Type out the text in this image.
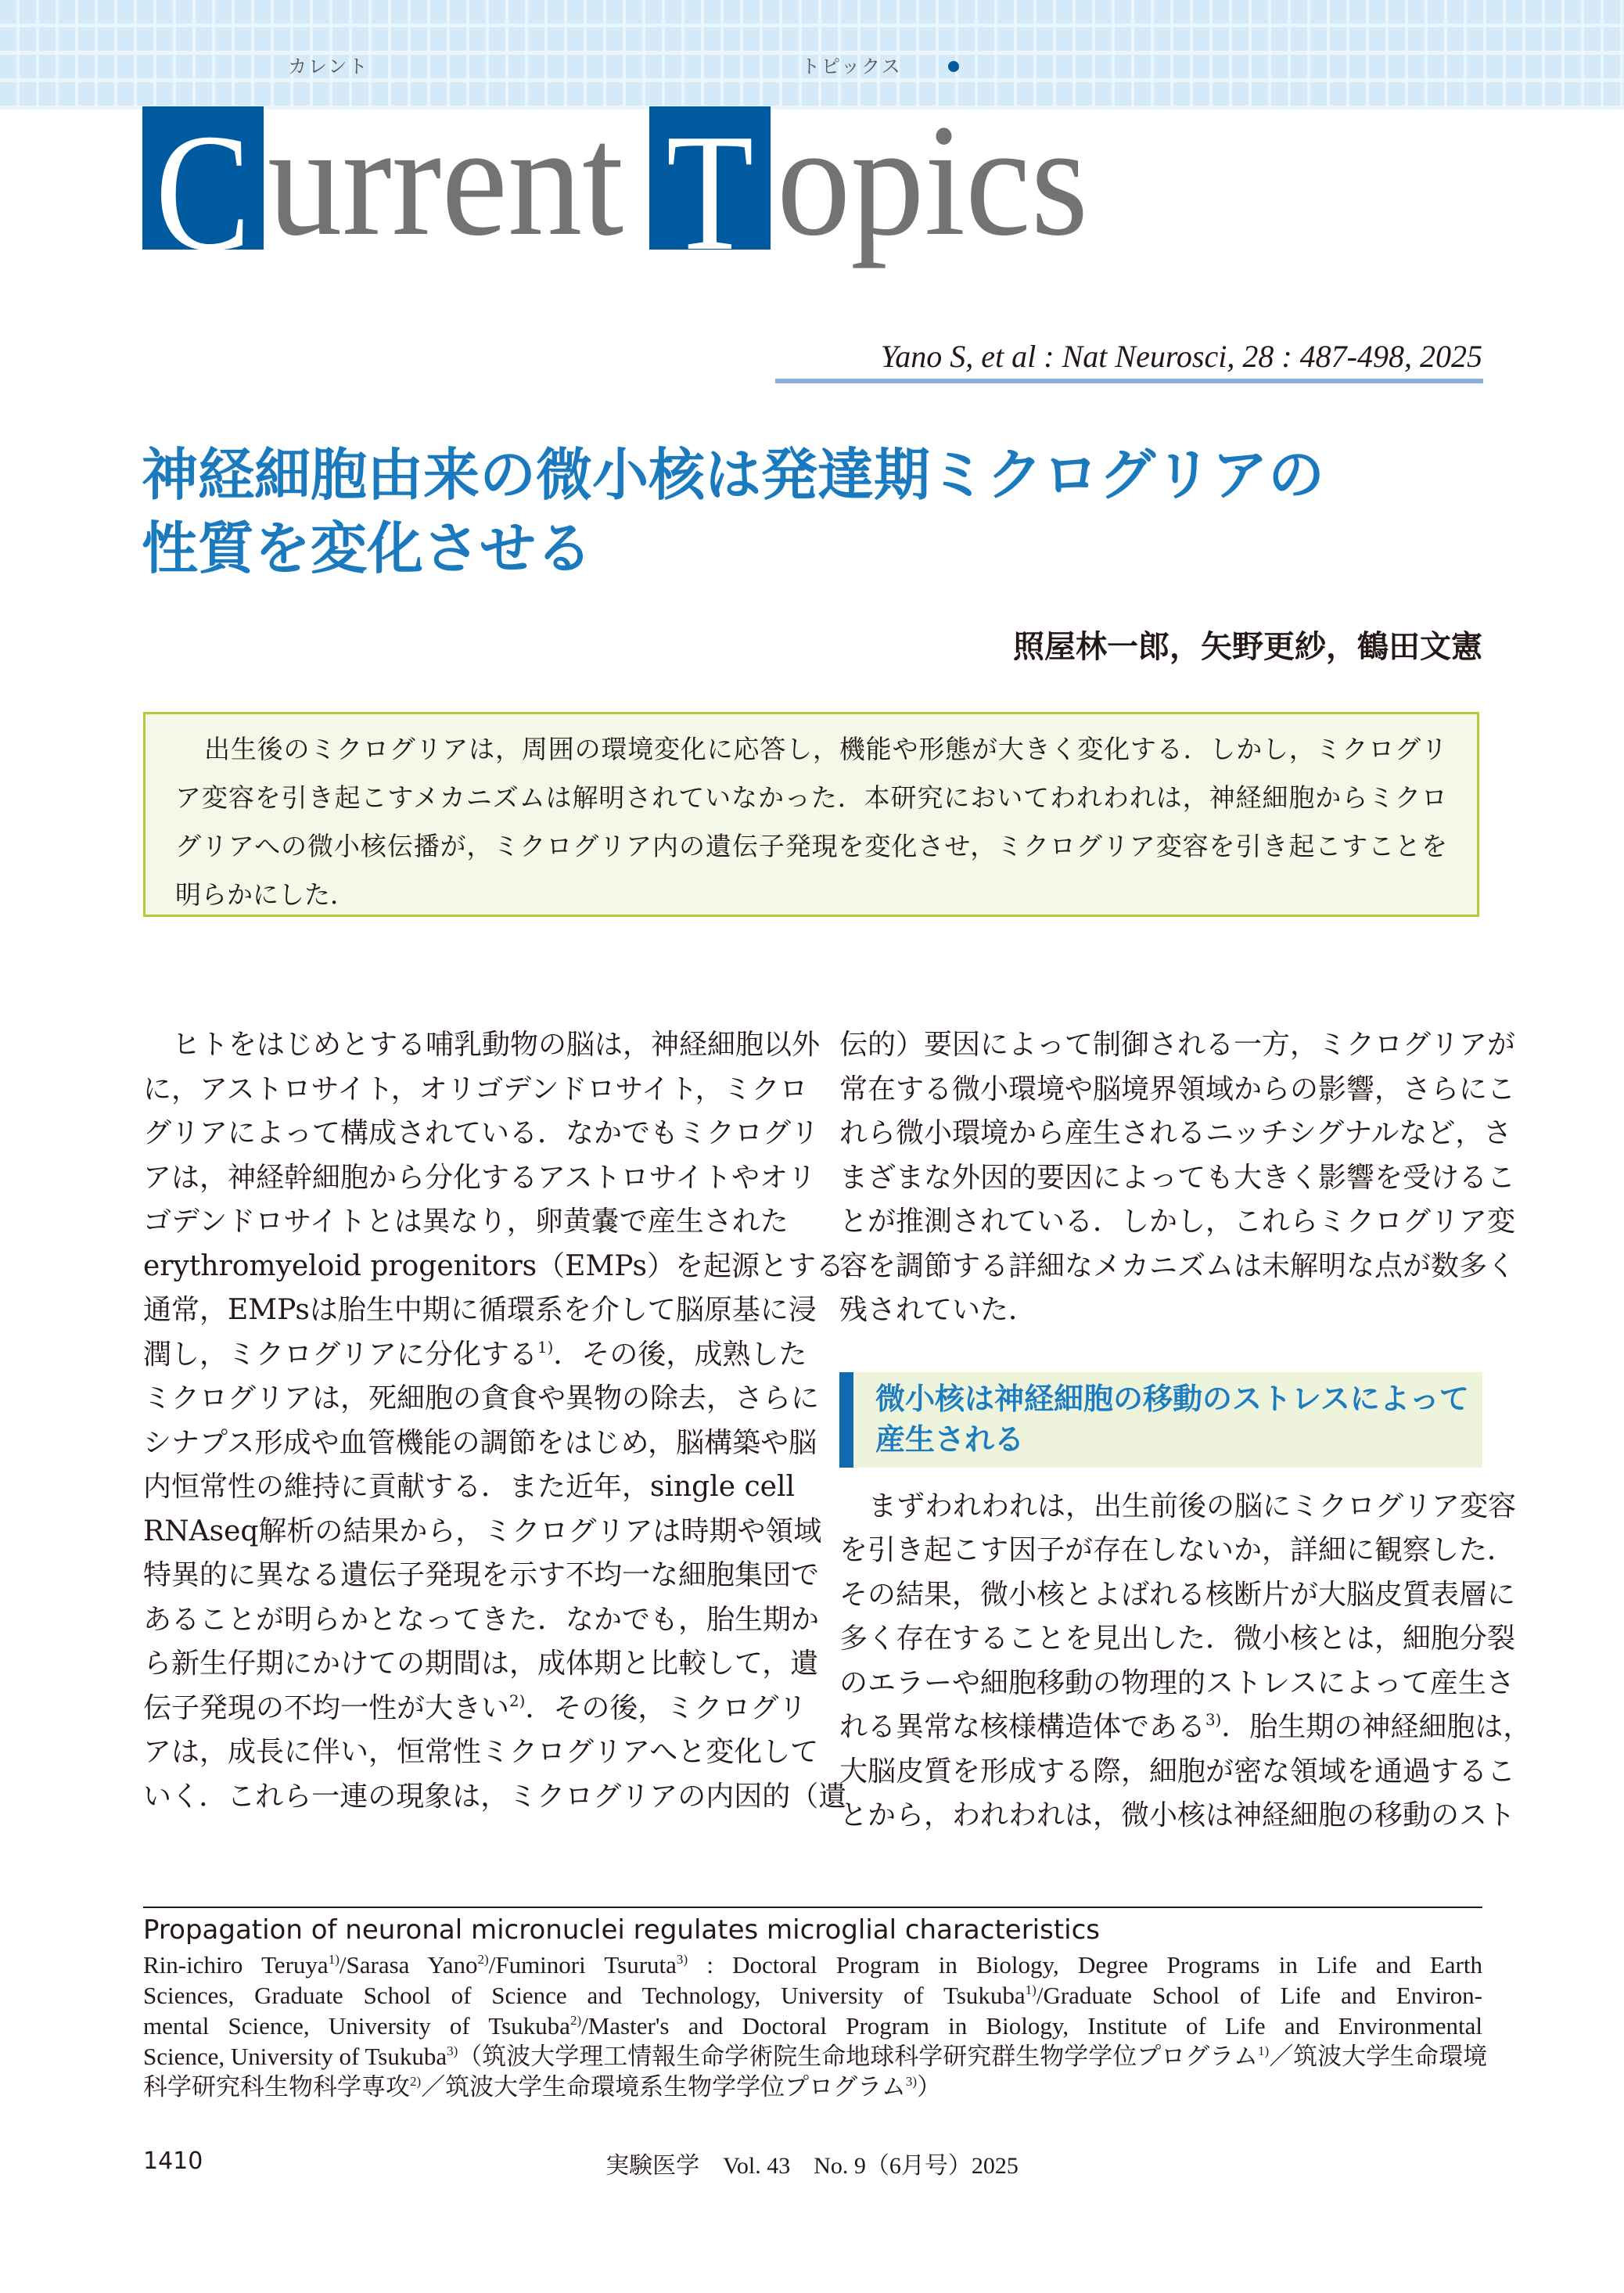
C urrent
カレント
T opics
トピックス
Yano S, et al : Nat Neurosci, 28 : 487-498, 2025
神経細胞由来の微小核は発達期ミクログリアの
性質を変化させる
照屋林一郎，矢野更紗，鶴田文憲
出生後のミクログリアは，周囲の環境変化に応答し，機能や形態が大きく変化する．しかし，ミクログリ
ア変容を引き起こすメカニズムは解明されていなかった．本研究においてわれわれは，神経細胞からミクロ
グリアへの微小核伝播が，ミクログリア内の遺伝子発現を変化させ，ミクログリア変容を引き起こすことを
明らかにした．
ヒトをはじめとする哺乳動物の脳は，神経細胞以外
に，アストロサイト，オリゴデンドロサイト，ミクロ
グリアによって構成されている．なかでもミクログリ
アは，神経幹細胞から分化するアストロサイトやオリ
ゴデンドロサイトとは異なり，卵黄嚢で産生された
erythromyeloid progenitors（EMPs）を起源とする．
通常，EMPsは胎生中期に循環系を介して脳原基に浸
潤し，ミクログリアに分化する$^{1)}$．その後，成熟した
ミクログリアは，死細胞の貪食や異物の除去，さらに
シナプス形成や血管機能の調節をはじめ，脳構築や脳
内恒常性の維持に貢献する．また近年，single cell
RNAseq解析の結果から，ミクログリアは時期や領域
特異的に異なる遺伝子発現を示す不均一な細胞集団で
あることが明らかとなってきた．なかでも，胎生期か
ら新生仔期にかけての期間は，成体期と比較して，遺
伝子発現の不均一性が大きい$^{2)}$．その後，ミクログリ
アは，成長に伴い，恒常性ミクログリアへと変化して
いく．これら一連の現象は，ミクログリアの内因的（遺
伝的）要因によって制御される一方，ミクログリアが
常在する微小環境や脳境界領域からの影響，さらにこ
れら微小環境から産生されるニッチシグナルなど，さ
まざまな外因的要因によっても大きく影響を受けるこ
とが推測されている．しかし，これらミクログリア変
容を調節する詳細なメカニズムは未解明な点が数多く
残されていた．
微小核は神経細胞の移動のストレスによって
産生される
まずわれわれは，出生前後の脳にミクログリア変容
を引き起こす因子が存在しないか，詳細に観察した．
その結果，微小核とよばれる核断片が大脳皮質表層に
多く存在することを見出した．微小核とは，細胞分裂
のエラーや細胞移動の物理的ストレスによって産生さ
れる異常な核様構造体である$^{3)}$．胎生期の神経細胞は，
大脳皮質を形成する際，細胞が密な領域を通過するこ
とから，われわれは，微小核は神経細胞の移動のスト
Propagation of neuronal micronuclei regulates microglial characteristics
Rin-ichiro Teruya$^{1)}$/Sarasa Yano$^{2)}$/Fuminori Tsuruta$^{3)}$ : Doctoral Program in Biology, Degree Programs in Life and Earth
Sciences, Graduate School of Science and Technology, University of Tsukuba$^{1)}$/Graduate School of Life and Environ-
mental Science, University of Tsukuba$^{2)}$/Master's and Doctoral Program in Biology, Institute of Life and Environmental
Science, University of Tsukuba$^{3)}$（筑波大学理工情報生命学術院生命地球科学研究群生物学学位プログラム$^{1)}$／筑波大学生命環境
科学研究科生物科学専攻$^{2)}$／筑波大学生命環境系生物学学位プログラム$^{3)}$）
1410	実験医学　Vol. 43　No. 9（6月号）2025
